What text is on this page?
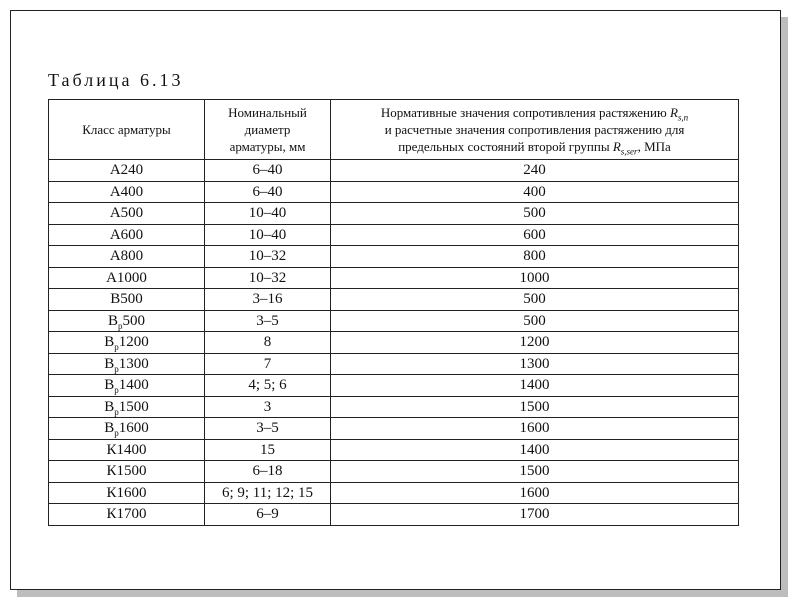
Таблица 6.13
Класс арматуры	Номинальный
диаметр
арматуры, мм	Нормативные значения сопротивления растяжению $R_{s,n}$
и расчетные значения сопротивления растяжению для
предельных состояний второй группы $R_{s,ser}$, МПа
А240	6–40	240
А400	6–40	400
А500	10–40	500
А600	10–40	600
А800	10–32	800
А1000	10–32	1000
В500	3–16	500
$В_р500$	3–5	500
$В_р1200$	8	1200
$В_р1300$	7	1300
$В_р1400$	4; 5; 6	1400
$В_р1500$	3	1500
$В_р1600$	3–5	1600
К1400	15	1400
К1500	6–18	1500
К1600	6; 9; 11; 12; 15	1600
К1700	6–9	1700
